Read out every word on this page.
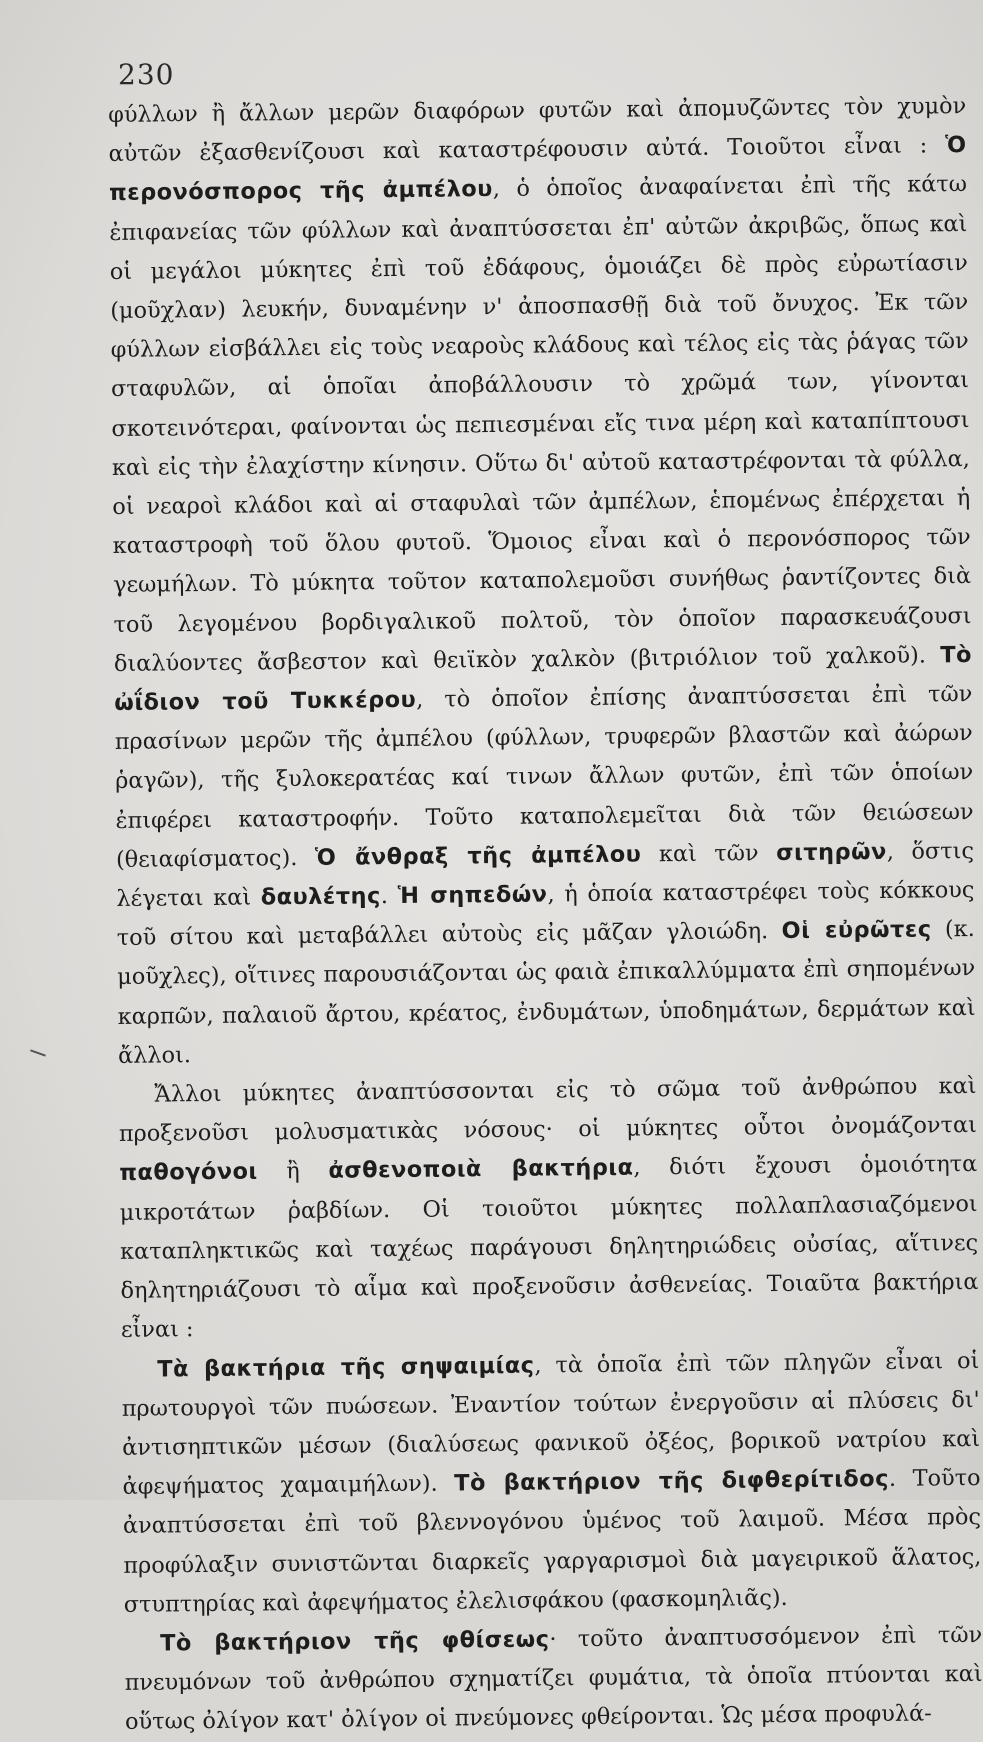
230

φύλλων ἢ ἄλλων μερῶν διαφόρων φυτῶν καὶ ἀπομυζῶντες τὸν χυμὸν αὐτῶν ἐξασθενίζουσι καὶ καταστρέφουσιν αὐτά. Τοιοῦτοι εἶναι : Ὁ περονόσπορος τῆς ἀμπέλου, ὁ ὁποῖος ἀναφαίνεται ἐπὶ τῆς κάτω ἐπιφανείας τῶν φύλλων καὶ ἀναπτύσσεται ἐπ' αὐτῶν ἀκριβῶς, ὅπως καὶ οἱ μεγάλοι μύκητες ἐπὶ τοῦ ἐδάφους, ὁμοιάζει δὲ πρὸς εὐρωτίασιν (μοῦχλαν) λευκήν, δυναμένην ν' ἀποσπασθῇ διὰ τοῦ ὄνυχος. Ἐκ τῶν φύλλων εἰσβάλλει εἰς τοὺς νεαροὺς κλάδους καὶ τέλος εἰς τὰς ῥάγας τῶν σταφυλῶν, αἱ ὁποῖαι ἀποβάλλουσιν τὸ χρῶμά των, γίνονται σκοτεινότεραι, φαίνονται ὡς πεπιεσμέναι εἴς τινα μέρη καὶ καταπίπτουσι καὶ εἰς τὴν ἐλαχίστην κίνησιν. Οὕτω δι' αὐτοῦ καταστρέφονται τὰ φύλλα, οἱ νεαροὶ κλάδοι καὶ αἱ σταφυλαὶ τῶν ἀμπέλων, ἑπομένως ἐπέρχεται ἡ καταστροφὴ τοῦ ὅλου φυτοῦ. Ὅμοιος εἶναι καὶ ὁ περονόσπορος τῶν γεωμήλων. Τὸ μύκητα τοῦτον καταπολεμοῦσι συνήθως ῥαντίζοντες διὰ τοῦ λεγομένου βορδιγαλικοῦ πολτοῦ, τὸν ὁποῖον παρασκευάζουσι διαλύοντες ἄσβεστον καὶ θειϊκὸν χαλκὸν (βιτριόλιον τοῦ χαλκοῦ). Τὸ ὠΐδιον τοῦ Τυκκέρου, τὸ ὁποῖον ἐπίσης ἀναπτύσσεται ἐπὶ τῶν πρασίνων μερῶν τῆς ἀμπέλου (φύλλων, τρυφερῶν βλαστῶν καὶ ἀώρων ῥαγῶν), τῆς ξυλοκερατέας καί τινων ἄλλων φυτῶν, ἐπὶ τῶν ὁποίων ἐπιφέρει καταστροφήν. Τοῦτο καταπολεμεῖται διὰ τῶν θειώσεων (θειαφίσματος). Ὁ ἄνθραξ τῆς ἀμπέλου καὶ τῶν σιτηρῶν, ὅστις λέγεται καὶ δαυλέτης. Ἡ σηπεδών, ἡ ὁποία καταστρέφει τοὺς κόκκους τοῦ σίτου καὶ μεταβάλλει αὐτοὺς εἰς μᾶζαν γλοιώδη. Οἱ εὐρῶτες (κ. μοῦχλες), οἵτινες παρουσιάζονται ὡς φαιὰ ἐπικαλλύμματα ἐπὶ σηπομένων καρπῶν, παλαιοῦ ἄρτου, κρέατος, ἐνδυμάτων, ὑποδημάτων, δερμάτων καὶ ἄλλοι.

Ἄλλοι μύκητες ἀναπτύσσονται εἰς τὸ σῶμα τοῦ ἀνθρώπου καὶ προξενοῦσι μολυσματικὰς νόσους· οἱ μύκητες οὗτοι ὀνομάζονται παθογόνοι ἢ ἀσθενοποιὰ βακτήρια, διότι ἔχουσι ὁμοιότητα μικροτάτων ῥαβδίων. Οἱ τοιοῦτοι μύκητες πολλαπλασιαζόμενοι καταπληκτικῶς καὶ ταχέως παράγουσι δηλητηριώδεις οὐσίας, αἵτινες δηλητηριάζουσι τὸ αἷμα καὶ προξενοῦσιν ἀσθενείας. Τοιαῦτα βακτήρια εἶναι :

Τὰ βακτήρια τῆς σηψαιμίας, τὰ ὁποῖα ἐπὶ τῶν πληγῶν εἶναι οἱ πρωτουργοὶ τῶν πυώσεων. Ἐναντίον τούτων ἐνεργοῦσιν αἱ πλύσεις δι' ἀντισηπτικῶν μέσων (διαλύσεως φανικοῦ ὀξέος, βορικοῦ νατρίου καὶ ἀφεψήματος χαμαιμήλων). Τὸ βακτήριον τῆς διφθερίτιδος. Τοῦτο ἀναπτύσσεται ἐπὶ τοῦ βλεννογόνου ὑμένος τοῦ λαιμοῦ. Μέσα πρὸς προφύλαξιν συνιστῶνται διαρκεῖς γαργαρισμοὶ διὰ μαγειρικοῦ ἅλατος, στυπτηρίας καὶ ἀφεψήματος ἐλελισφάκου (φασκομηλιᾶς).

Τὸ βακτήριον τῆς φθίσεως· τοῦτο ἀναπτυσσόμενον ἐπὶ τῶν πνευμόνων τοῦ ἀνθρώπου σχηματίζει φυμάτια, τὰ ὁποῖα πτύονται καὶ οὕτως ὀλίγον κατ' ὀλίγον οἱ πνεύμονες φθείρονται. Ὡς μέσα προφυλά-
